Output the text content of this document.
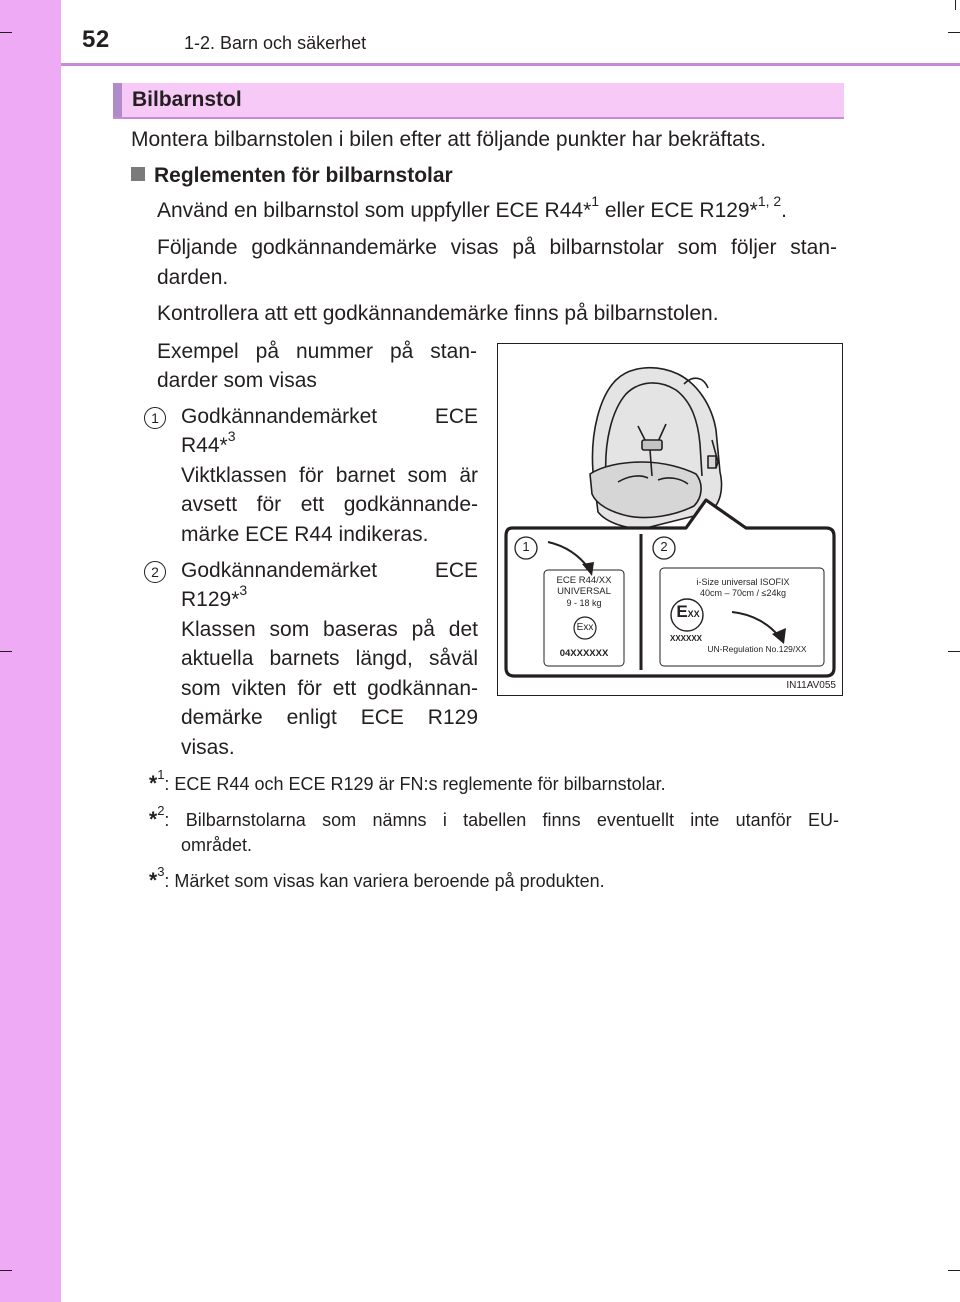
52	1-2. Barn och säkerhet
Bilbarnstol
Montera bilbarnstolen i bilen efter att följande punkter har bekräftats.
Reglementen för bilbarnstolar
Använd en bilbarnstol som uppfyller ECE R44*$^1$ eller ECE R129*$^{1, 2}$.
Följande godkännandemärke visas på bilbarnstolar som följer stan-
darden.
Kontrollera att ett godkännandemärke finns på bilbarnstolen.
Exempel på nummer på stan-
darder som visas
1	Godkännandemärket ECE
R44*$^3$
Viktklassen för barnet som är
avsett för ett godkännande-
märke ECE R44 indikeras.
2	Godkännandemärket ECE
R129*$^3$
Klassen som baseras på det
aktuella barnets längd, såväl
som vikten för ett godkännan-
demärke enligt ECE R129
visas.
*$^1$: ECE R44 och ECE R129 är FN:s reglemente för bilbarnstolar.
*$^2$: Bilbarnstolarna som nämns i tabellen finns eventuellt inte utanför EU-
området.
*$^3$: Märket som visas kan variera beroende på produkten.
1	2
ECE R44/XX
UNIVERSAL
9 - 18 kg
Exx
04XXXXXX
i-Size universal ISOFIX
40cm – 70cm / ≤24kg
EXX
XXXXXX
UN-Regulation No.129/XX
IN11AV055
